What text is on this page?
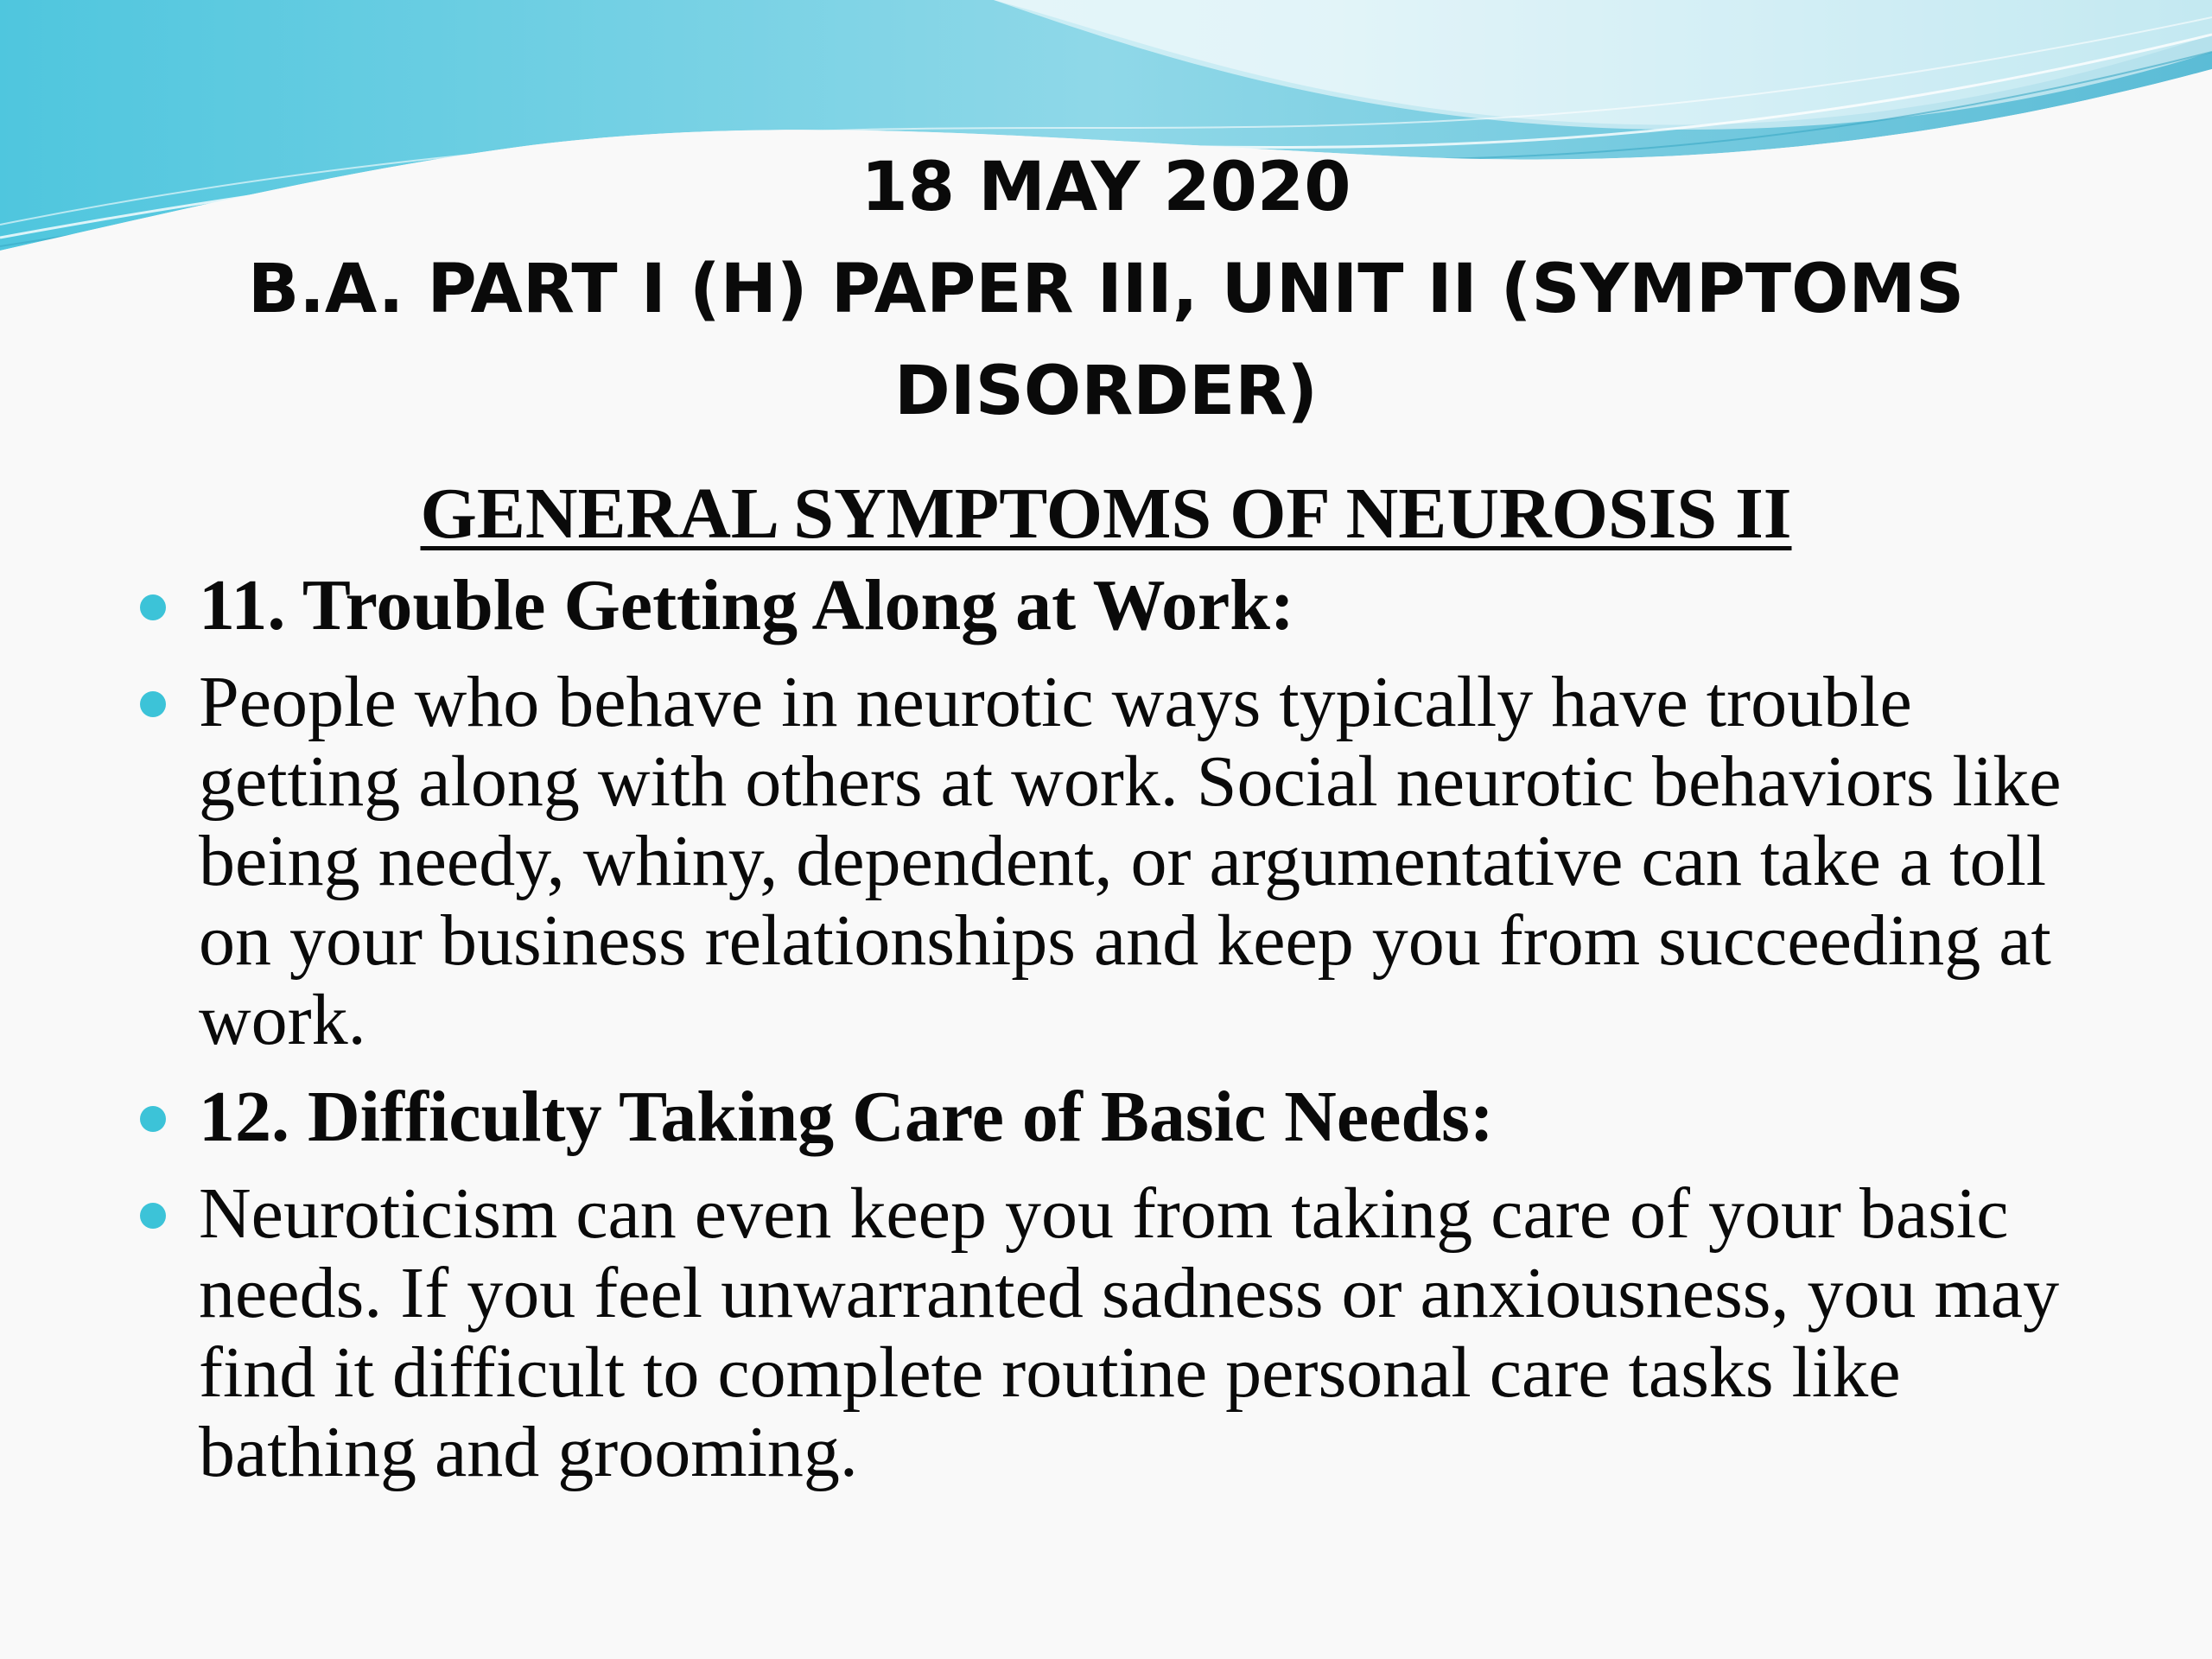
18 MAY 2020
B.A. PART I (H) PAPER III, UNIT II (SYMPTOMS
DISORDER)
GENERAL SYMPTOMS OF NEUROSIS II
11. Trouble Getting Along at Work:
People who behave in neurotic ways typically have trouble getting along with others at work. Social neurotic behaviors like being needy, whiny, dependent, or argumentative can take a toll on your business relationships and keep you from succeeding at work.
12. Difficulty Taking Care of Basic Needs:
Neuroticism can even keep you from taking care of your basic needs. If you feel unwarranted sadness or anxiousness, you may find it difficult to complete routine personal care tasks like bathing and grooming.
